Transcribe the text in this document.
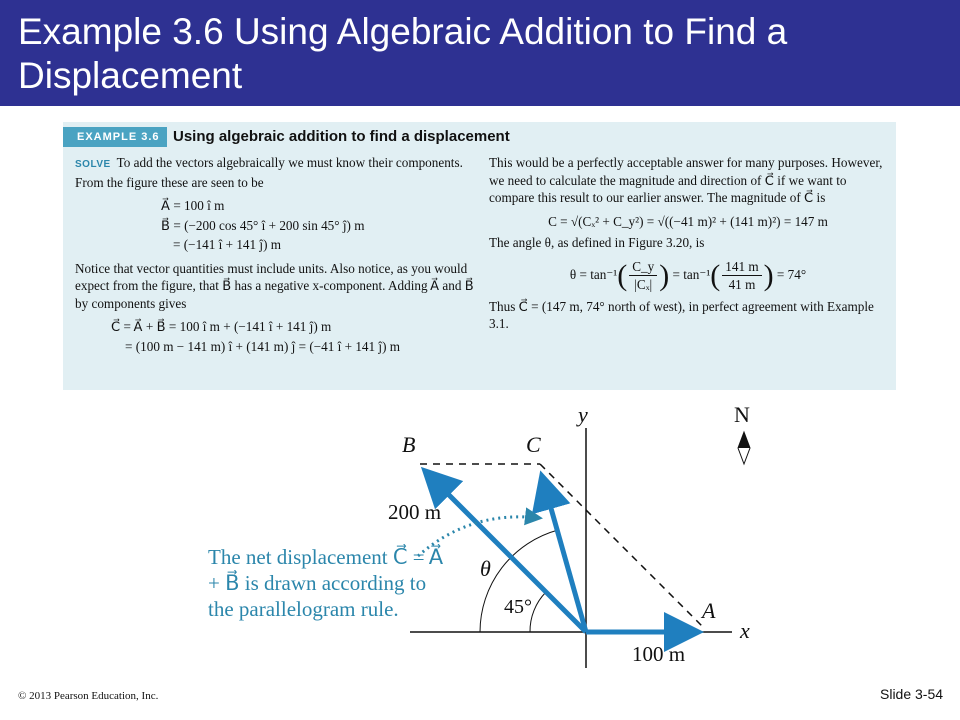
Example 3.6 Using Algebraic Addition to Find a Displacement
EXAMPLE 3.6 Using algebraic addition to find a displacement

SOLVE To add the vectors algebraically we must know their components. From the figure these are seen to be

A⃗ = 100 î m
B⃗ = (−200 cos 45° î + 200 sin 45° ĵ) m
= (−141 î + 141 ĵ) m

Notice that vector quantities must include units. Also notice, as you would expect from the figure, that B⃗ has a negative x-component. Adding A⃗ and B⃗ by components gives

C⃗ = A⃗ + B⃗ = 100 î m + (−141 î + 141 ĵ) m
= (100 m − 141 m) î + (141 m) ĵ = (−41 î + 141 ĵ) m

This would be a perfectly acceptable answer for many purposes. However, we need to calculate the magnitude and direction of C⃗ if we want to compare this result to our earlier answer. The magnitude of C⃗ is

C = √(Cₓ² + C_y²) = √((−41 m)² + (141 m)²) = 147 m

The angle θ, as defined in Figure 3.20, is

$\theta = \tan^{-1}( \frac{C\_y}{\text{|Cₓ|}}$ ) = $\tan^{-1}( \frac{141 m}{41 m}$ ) = 74°

Thus C⃗ = (147 m, 74° north of west), in perfect agreement with Example 3.1.

y	N
B⃗	C⃗
200 m
θ
45°	A⃗
x
100 m
The net displacement C⃗ = A⃗ + B⃗ is drawn according to the parallelogram rule.
© 2013 Pearson Education, Inc.	Slide 3-54
